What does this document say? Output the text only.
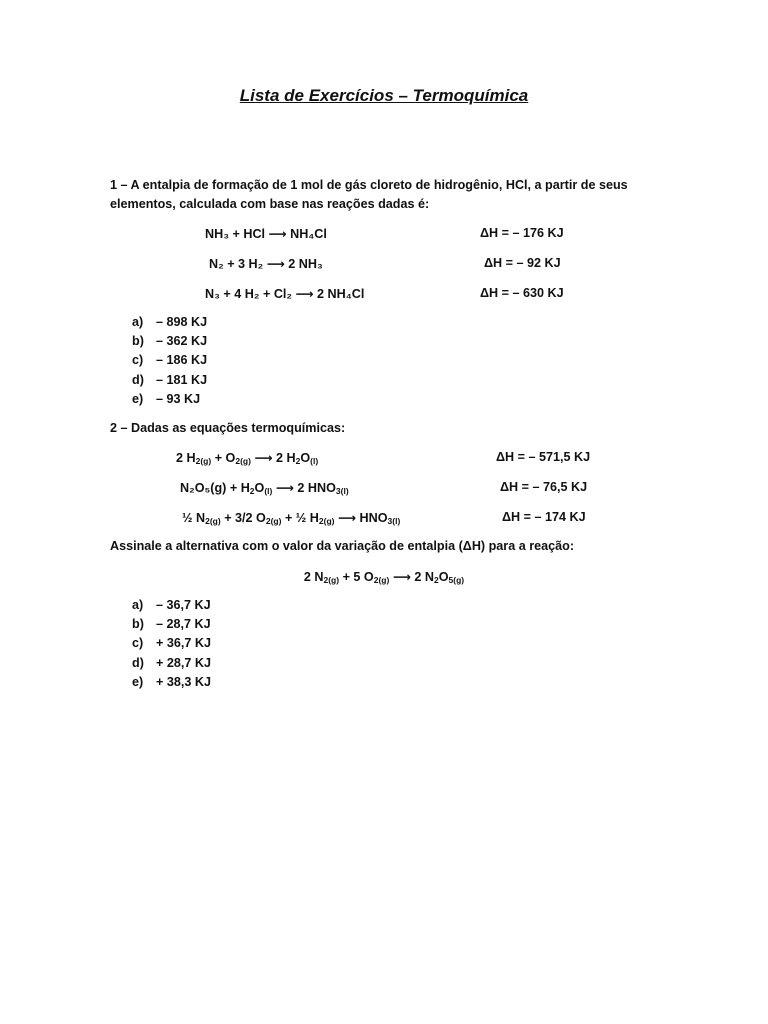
Lista de Exercícios – Termoquímica
1 – A entalpia de formação de 1 mol de gás cloreto de hidrogênio, HCl, a partir de seus
elementos, calculada com base nas reações dadas é:
NH₃ + HCl ⟶ NH₄Cl	ΔH = – 176 KJ
N₂ + 3 H₂ ⟶ 2 NH₃	ΔH = – 92 KJ
N₃ + 4 H₂ + Cl₂ ⟶ 2 NH₄Cl	ΔH = – 630 KJ
a) – 898 KJ
b) – 362 KJ
c) – 186 KJ
d) – 181 KJ
e) – 93 KJ
2 – Dadas as equações termoquímicas:
2 $H_{2(g)} + O_{2(g)}$ ⟶ 2 $H_2O_{(l)}$	ΔH = – 571,5 KJ
$N_2O_5(g) + H_2O_{(l)}$ ⟶ 2 $HNO_{3(l)}$	ΔH = – 76,5 KJ
½ $N_{2(g)} + 3/2$ $O_{2(g)}$ + ½ $H_{2(g)}$ ⟶ $HNO_{3(l)}$	ΔH = – 174 KJ
Assinale a alternativa com o valor da variação de entalpia (ΔH) para a reação:
2 $N_{2(g)} + 5$ $O_{2(g)}$ ⟶ 2 $N_2O_{5(g)}$
a) – 36,7 KJ
b) – 28,7 KJ
c) + 36,7 KJ
d) + 28,7 KJ
e) + 38,3 KJ
